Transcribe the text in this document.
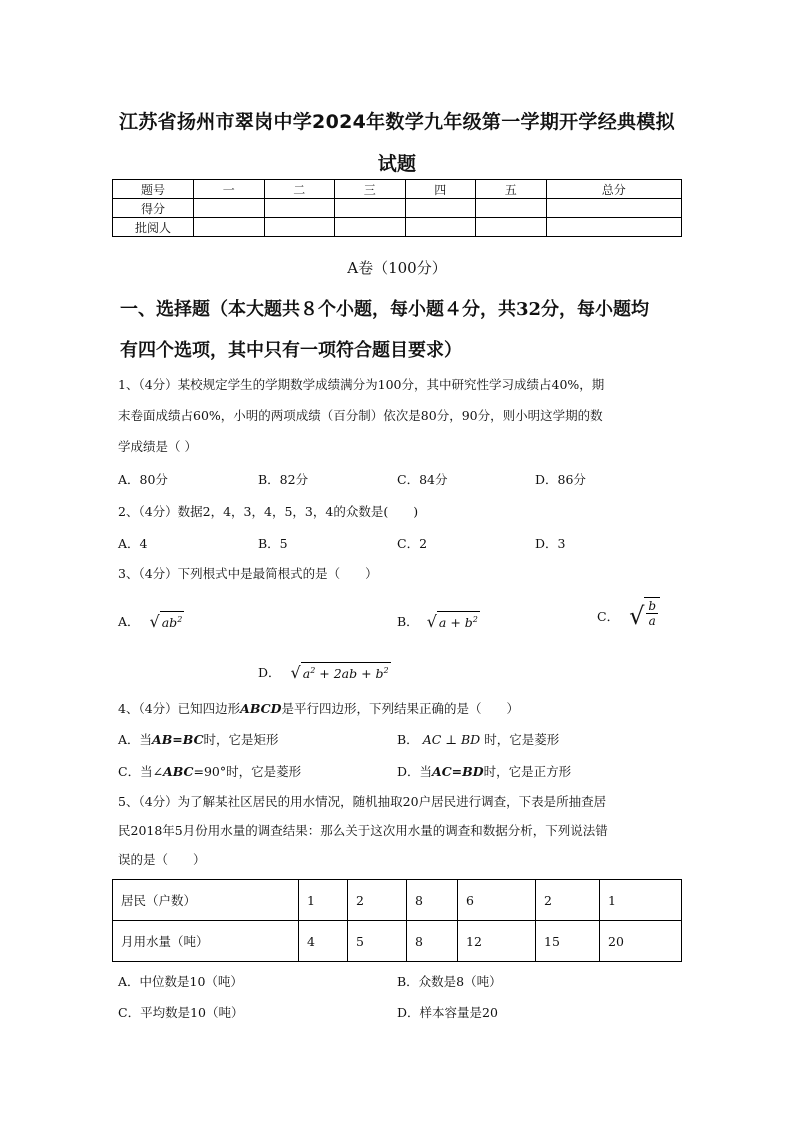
江苏省扬州市翠岗中学2024年数学九年级第一学期开学经典模拟
试题
题号	一	二	三	四	五	总分
得分						
批阅人						
A卷（100分）
一、选择题（本大题共８个小题，每小题４分，共32分，每小题均
有四个选项，其中只有一项符合题目要求）
1、（4分）某校规定学生的学期数学成绩满分为100分，其中研究性学习成绩占40%，期
末卷面成绩占60%，小明的两项成绩（百分制）依次是80分，90分，则小明这学期的数
学成绩是（ ）
A．80分	B．82分	C．84分	D．86分
2、（4分）数据2，4，3，4，5，3，4的众数是(　　)
A．4	B．5	C．2	D．3
3、（4分）下列根式中是最简根式的是（　　）
A． √ $ab^2$	B． √ $a + b^2$	C． √ $\frac{b}{a}$
D． √ $a^2 + 2ab + b^2$
4、（4分）已知四边形ABCD是平行四边形，下列结果正确的是（　　）
A．当AB=BC时，它是矩形	B． AC ⊥ BD 时，它是菱形
C．当∠ABC=90°时，它是菱形	D．当AC=BD时，它是正方形
5、（4分）为了解某社区居民的用水情况，随机抽取20户居民进行调查，下表是所抽查居
民2018年5月份用水量的调查结果：那么关于这次用水量的调查和数据分析，下列说法错
误的是（　　）
居民（户数）	1	2	8	6	2	1
月用水量（吨）	4	5	8	12	15	20
A．中位数是10（吨）	B．众数是8（吨）
C．平均数是10（吨）	D．样本容量是20
